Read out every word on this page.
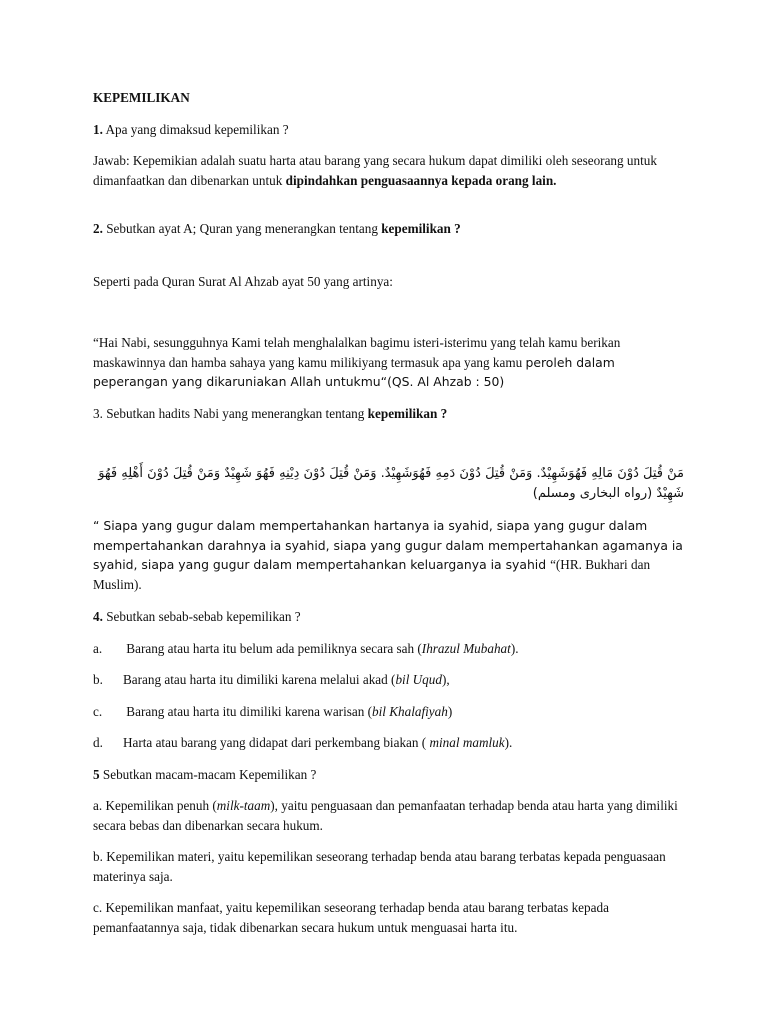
KEPEMILIKAN

1. Apa yang dimaksud kepemilikan ?

Jawab: Kepemikian adalah suatu harta atau barang yang secara hukum dapat dimiliki oleh seseorang untuk dimanfaatkan dan dibenarkan untuk dipindahkan penguasaannya kepada orang lain.

2. Sebutkan ayat A; Quran yang menerangkan tentang kepemilikan ?

Seperti pada Quran Surat Al Ahzab ayat 50 yang artinya:

“Hai Nabi, sesungguhnya Kami telah menghalalkan bagimu isteri-isterimu yang telah kamu berikan maskawinnya dan hamba sahaya yang kamu milikiyang termasuk apa yang kamu peroleh dalam peperangan yang dikaruniakan Allah untukmu“(QS. Al Ahzab : 50)

3. Sebutkan hadits Nabi yang menerangkan tentang kepemilikan ?

مَنْ قُتِلَ دُوْنَ مَالِهِ فَهُوَشَهِيْدٌ. وَمَنْ قُتِلَ دُوْنَ دَمِهِ فَهُوَشَهِيْدٌ. وَمَنْ قُتِلَ دُوْنَ دِيْنِهِ فَهُوَ شَهِيْدٌ وَمَنْ قُتِلَ دُوْنَ أَهْلِهِ فَهُوَ شَهِيْدٌ (رواه البخارى ومسلم)

“ Siapa yang gugur dalam mempertahankan hartanya ia syahid, siapa yang gugur dalam mempertahankan darahnya ia syahid, siapa yang gugur dalam mempertahankan agamanya ia syahid, siapa yang gugur dalam mempertahankan keluarganya ia syahid “(HR. Bukhari dan Muslim).

4. Sebutkan sebab-sebab kepemilikan ?

a. Barang atau harta itu belum ada pemiliknya secara sah (Ihrazul Mubahat).

b. Barang atau harta itu dimiliki karena melalui akad (bil Uqud),

c. Barang atau harta itu dimiliki karena warisan (bil Khalafiyah)

d. Harta atau barang yang didapat dari perkembang biakan ( minal mamluk).

5 Sebutkan macam-macam Kepemilikan ?

a. Kepemilikan penuh (milk-taam), yaitu penguasaan dan pemanfaatan terhadap benda atau harta yang dimiliki secara bebas dan dibenarkan secara hukum.

b. Kepemilikan materi, yaitu kepemilikan seseorang terhadap benda atau barang terbatas kepada penguasaan materinya saja.

c. Kepemilikan manfaat, yaitu kepemilikan seseorang terhadap benda atau barang terbatas kepada pemanfaatannya saja, tidak dibenarkan secara hukum untuk menguasai harta itu.
